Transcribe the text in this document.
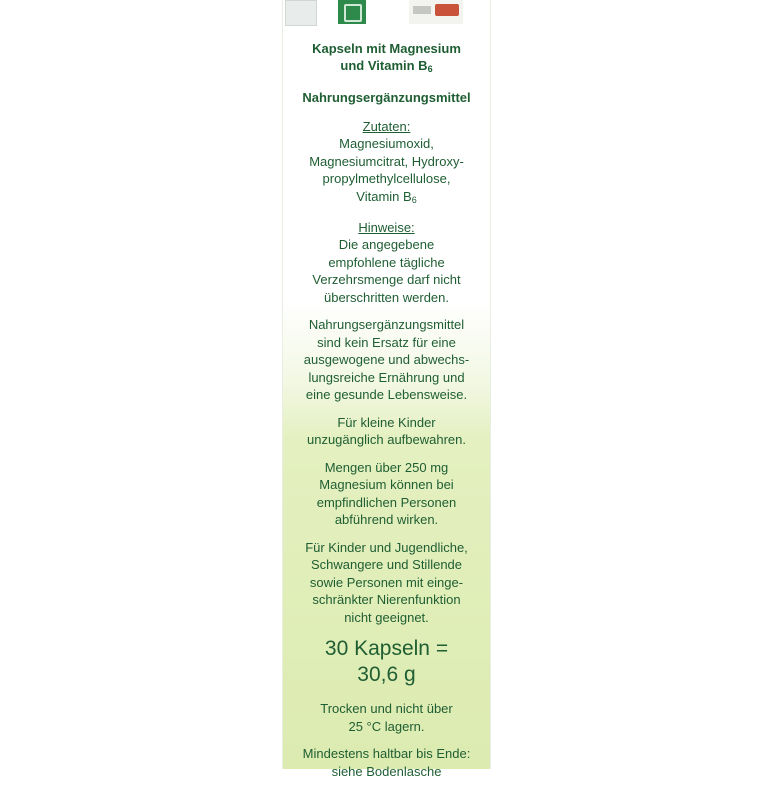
Kapseln mit Magnesium
und Vitamin $B_6$

Nahrungsergänzungsmittel

Zutaten:

Magnesiumoxid,
Magnesiumcitrat, Hydroxy-
propylmethylcellulose,
Vitamin $B_6$

Hinweise:

Die angegebene
empfohlene tägliche
Verzehrsmenge darf nicht
überschritten werden.

Nahrungsergänzungsmittel
sind kein Ersatz für eine
ausgewogene und abwechs-
lungsreiche Ernährung und
eine gesunde Lebensweise.

Für kleine Kinder
unzugänglich aufbewahren.

Mengen über 250 mg
Magnesium können bei
empfindlichen Personen
abführend wirken.

Für Kinder und Jugendliche,
Schwangere und Stillende
sowie Personen mit einge-
schränkter Nierenfunktion
nicht geeignet.

30 Kapseln =
30,6 g

Trocken und nicht über
25 °C lagern.

Mindestens haltbar bis Ende:
siehe Bodenlasche
